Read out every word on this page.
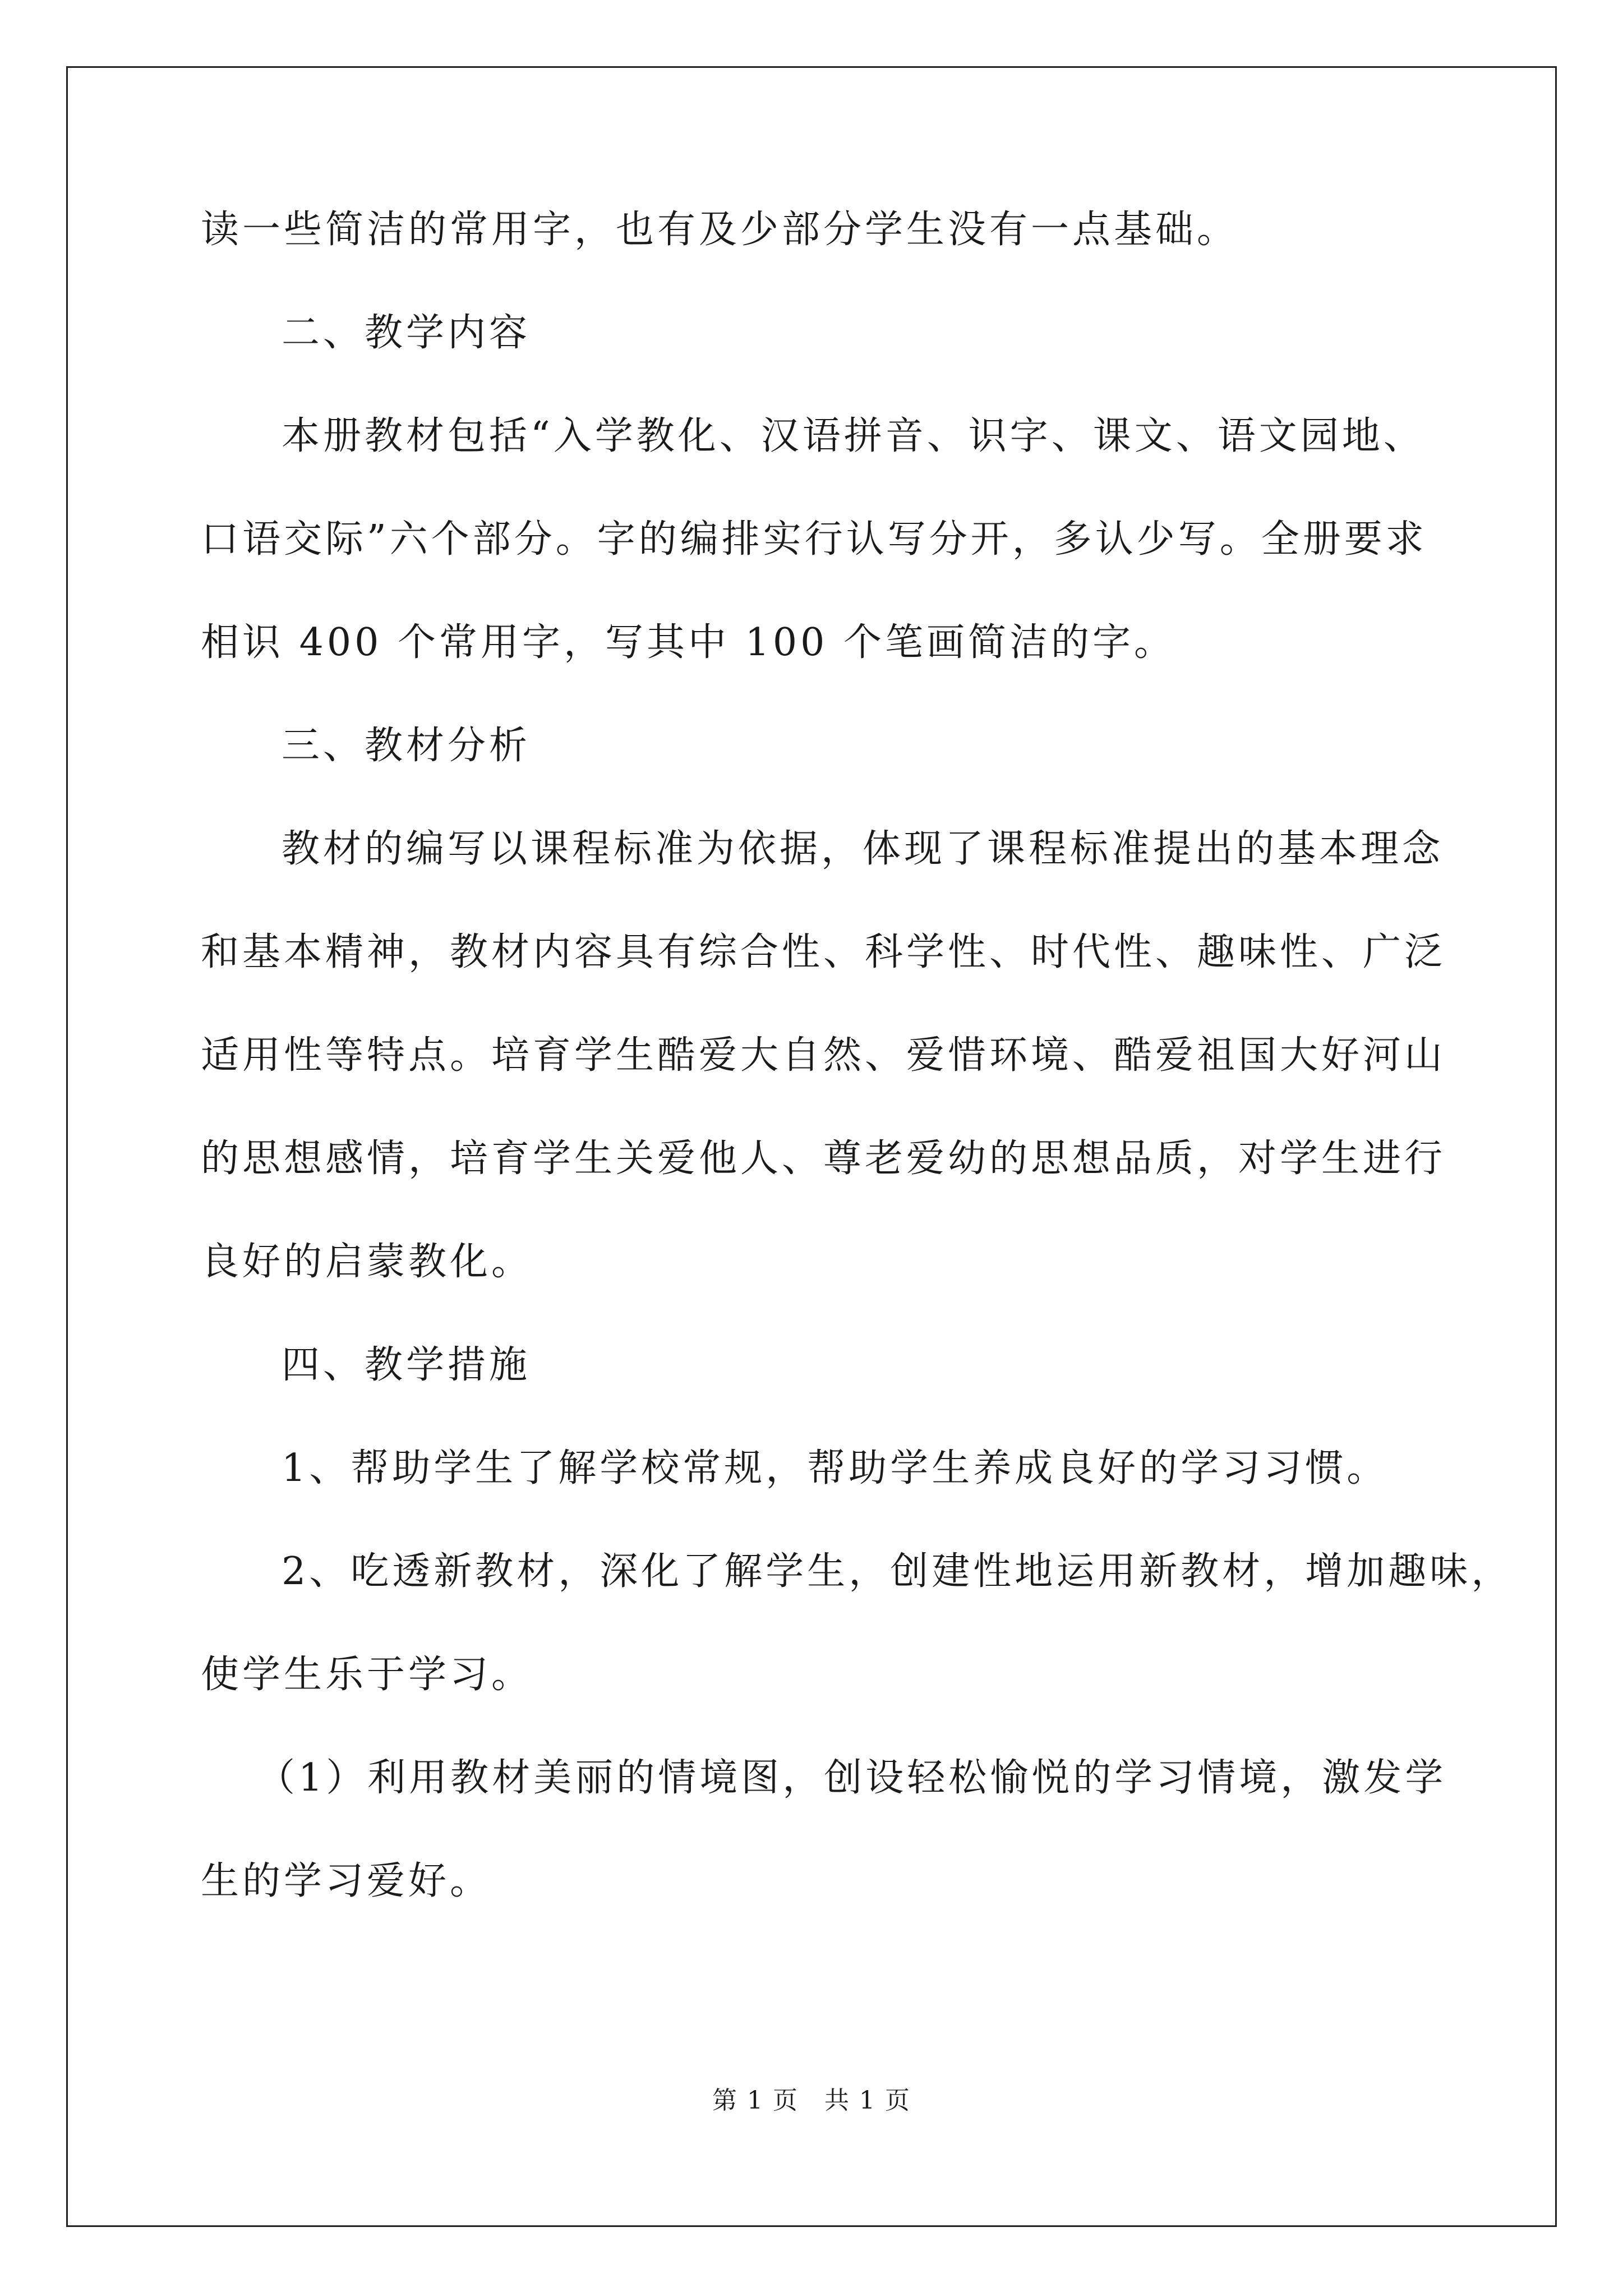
读一些简洁的常用字，也有及少部分学生没有一点基础。
二、教学内容
本册教材包括“入学教化、汉语拼音、识字、课文、语文园地、
口语交际”六个部分。字的编排实行认写分开，多认少写。全册要求
相识 400 个常用字，写其中 100 个笔画简洁的字。
三、教材分析
教材的编写以课程标准为依据，体现了课程标准提出的基本理念
和基本精神，教材内容具有综合性、科学性、时代性、趣味性、广泛
适用性等特点。培育学生酷爱大自然、爱惜环境、酷爱祖国大好河山
的思想感情，培育学生关爱他人、尊老爱幼的思想品质，对学生进行
良好的启蒙教化。
四、教学措施
1、帮助学生了解学校常规，帮助学生养成良好的学习习惯。
2、吃透新教材，深化了解学生，创建性地运用新教材，增加趣味，
使学生乐于学习。
（1）利用教材美丽的情境图，创设轻松愉悦的学习情境，激发学
生的学习爱好。
第 1 页　共 1 页
